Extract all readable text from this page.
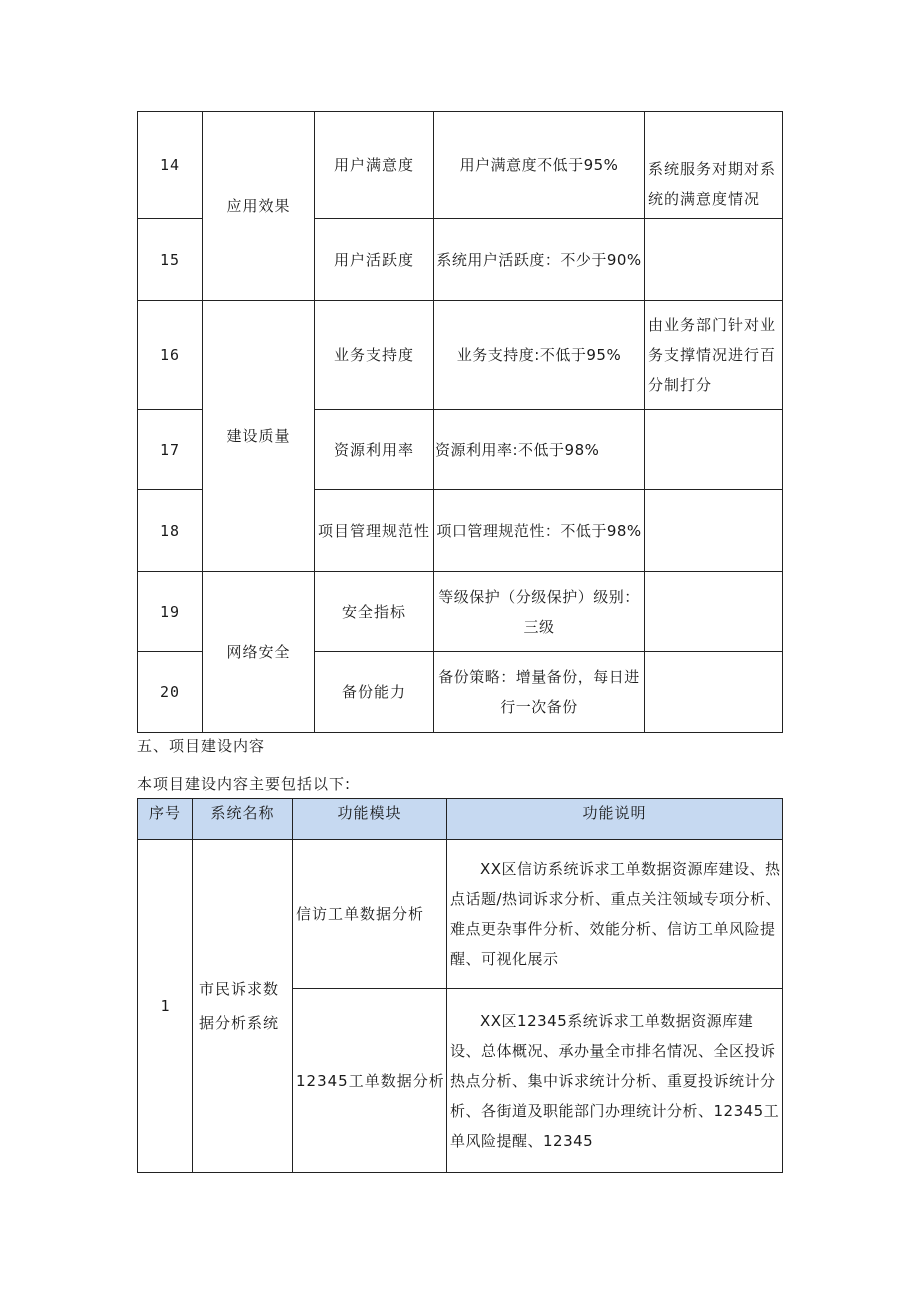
14	应用效果	用户满意度	用户满意度不低于95%	系统服务对期对系统的满意度情况
15		用户活跃度	系统用户活跃度：不少于90%	
16	建设质量	业务支持度	业务支持度:不低于95%	由业务部门针对业务支撑情况进行百分制打分
17		资源利用率	资源利用率:不低于98%	
18		项目管理规范性	项口管理规范性：不低于98%	
19	网络安全	安全指标	等级保护（分级保护）级别：三级	
20		备份能力	备份策略：增量备份，每日进行一次备份	
五、项目建设内容
本项目建设内容主要包括以下:
序号	系统名称	功能模块	功能说明
1	市民诉求数据分析系统	信访工单数据分析	XX区信访系统诉求工单数据资源库建设、热点话题/热词诉求分析、重点关注领域专项分析、难点更杂事件分析、效能分析、信访工单风险提醒、可视化展示
		12345工单数据分析	XX区12345系统诉求工单数据资源库建设、总体概况、承办量全市排名情况、全区投诉热点分析、集中诉求统计分析、重夏投诉统计分析、各街道及职能部门办理统计分析、12345工单风险提醒、12345
